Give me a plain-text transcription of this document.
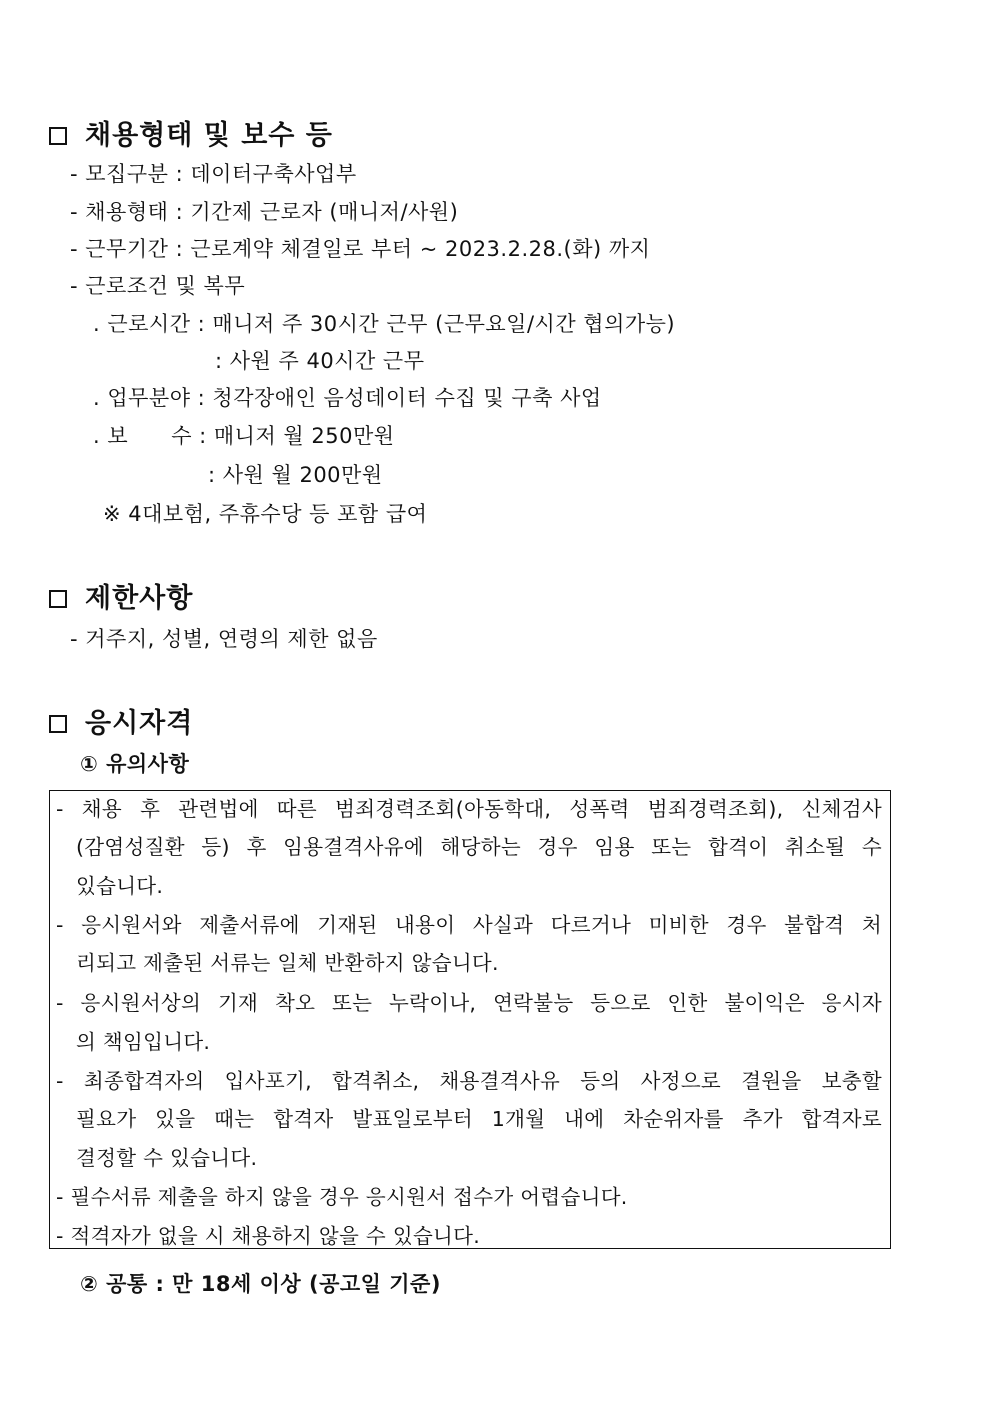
채용형태 및 보수 등
- 모집구분 : 데이터구축사업부
- 채용형태 : 기간제 근로자 (매니저/사원)
- 근무기간 : 근로계약 체결일로 부터 ~ 2023.2.28.(화) 까지
- 근로조건 및 복무
. 근로시간 : 매니저 주 30시간 근무 (근무요일/시간 협의가능)
: 사원 주 40시간 근무
. 업무분야 : 청각장애인 음성데이터 수집 및 구축 사업
. 보      수 : 매니저 월 250만원
: 사원 월 200만원
※ 4대보험, 주휴수당 등 포함 급여
제한사항
- 거주지, 성별, 연령의 제한 없음
응시자격
① 유의사항
- 채용 후 관련법에 따른 범죄경력조회(아동학대, 성폭력 범죄경력조회), 신체검사
(감염성질환 등) 후 임용결격사유에 해당하는 경우 임용 또는 합격이 취소될 수
있습니다.
- 응시원서와 제출서류에 기재된 내용이 사실과 다르거나 미비한 경우 불합격 처
리되고 제출된 서류는 일체 반환하지 않습니다.
- 응시원서상의 기재 착오 또는 누락이나, 연락불능 등으로 인한 불이익은 응시자
의 책임입니다.
- 최종합격자의 입사포기, 합격취소, 채용결격사유 등의 사정으로 결원을 보충할
필요가 있을 때는 합격자 발표일로부터 1개월 내에 차순위자를 추가 합격자로
결정할 수 있습니다.
- 필수서류 제출을 하지 않을 경우 응시원서 접수가 어렵습니다.
- 적격자가 없을 시 채용하지 않을 수 있습니다.
② 공통 : 만 18세 이상 (공고일 기준)
